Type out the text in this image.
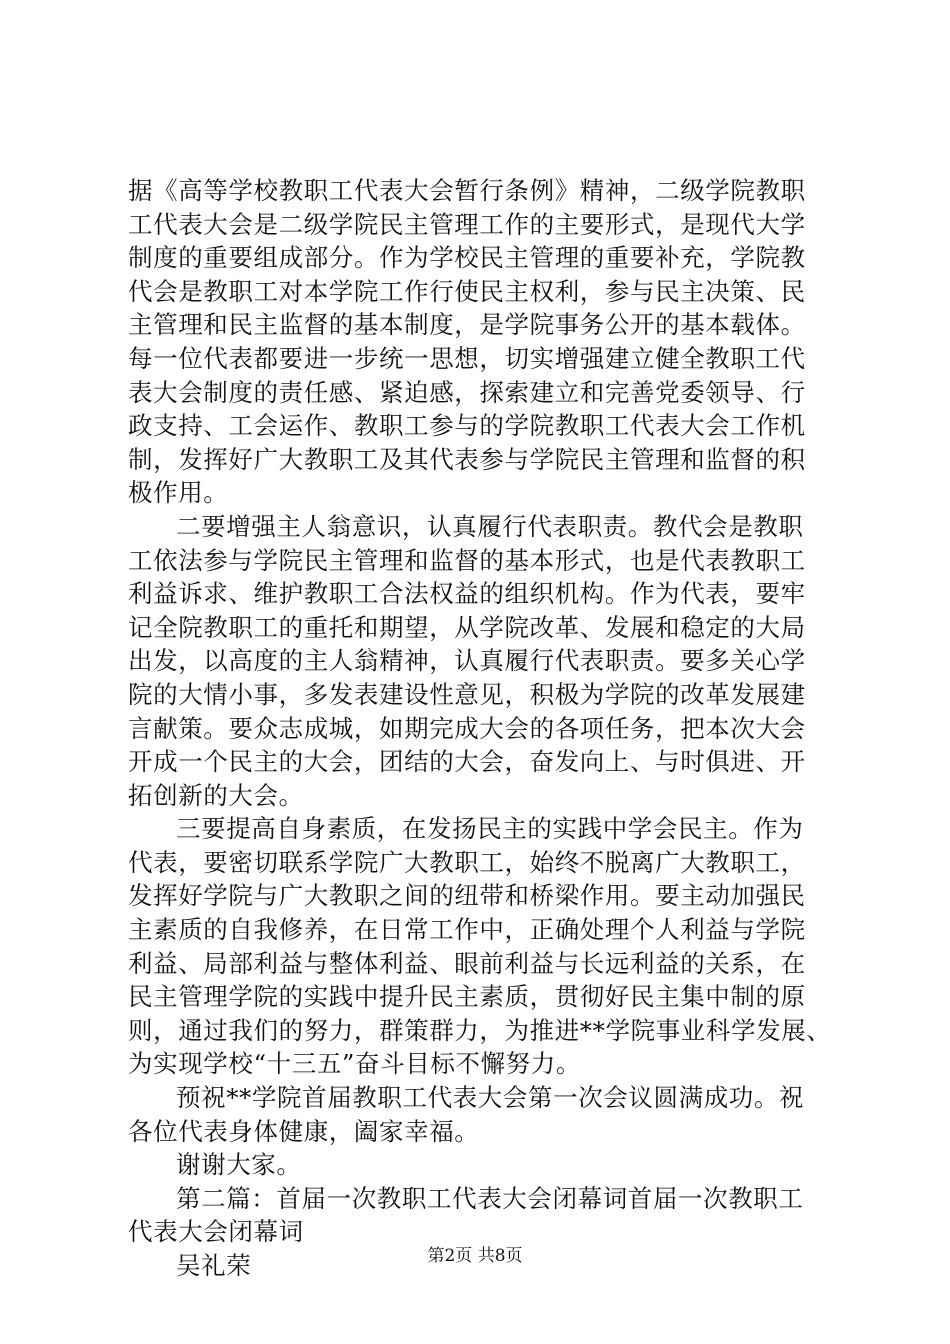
据《高等学校教职工代表大会暂行条例》精神，二级学院教职
工代表大会是二级学院民主管理工作的主要形式，是现代大学
制度的重要组成部分。作为学校民主管理的重要补充，学院教
代会是教职工对本学院工作行使民主权利，参与民主决策、民
主管理和民主监督的基本制度，是学院事务公开的基本载体。
每一位代表都要进一步统一思想，切实增强建立健全教职工代
表大会制度的责任感、紧迫感，探索建立和完善党委领导、行
政支持、工会运作、教职工参与的学院教职工代表大会工作机
制，发挥好广大教职工及其代表参与学院民主管理和监督的积
极作用。
二要增强主人翁意识，认真履行代表职责。教代会是教职
工依法参与学院民主管理和监督的基本形式，也是代表教职工
利益诉求、维护教职工合法权益的组织机构。作为代表，要牢
记全院教职工的重托和期望，从学院改革、发展和稳定的大局
出发，以高度的主人翁精神，认真履行代表职责。要多关心学
院的大情小事，多发表建设性意见，积极为学院的改革发展建
言献策。要众志成城，如期完成大会的各项任务，把本次大会
开成一个民主的大会，团结的大会，奋发向上、与时俱进、开
拓创新的大会。
三要提高自身素质，在发扬民主的实践中学会民主。作为
代表，要密切联系学院广大教职工，始终不脱离广大教职工，
发挥好学院与广大教职之间的纽带和桥梁作用。要主动加强民
主素质的自我修养，在日常工作中，正确处理个人利益与学院
利益、局部利益与整体利益、眼前利益与长远利益的关系，在
民主管理学院的实践中提升民主素质，贯彻好民主集中制的原
则，通过我们的努力，群策群力，为推进**学院事业科学发展、
为实现学校“十三五”奋斗目标不懈努力。
预祝**学院首届教职工代表大会第一次会议圆满成功。祝
各位代表身体健康，阖家幸福。
谢谢大家。
第二篇：首届一次教职工代表大会闭幕词首届一次教职工
代表大会闭幕词
吴礼荣	第2页 共8页
